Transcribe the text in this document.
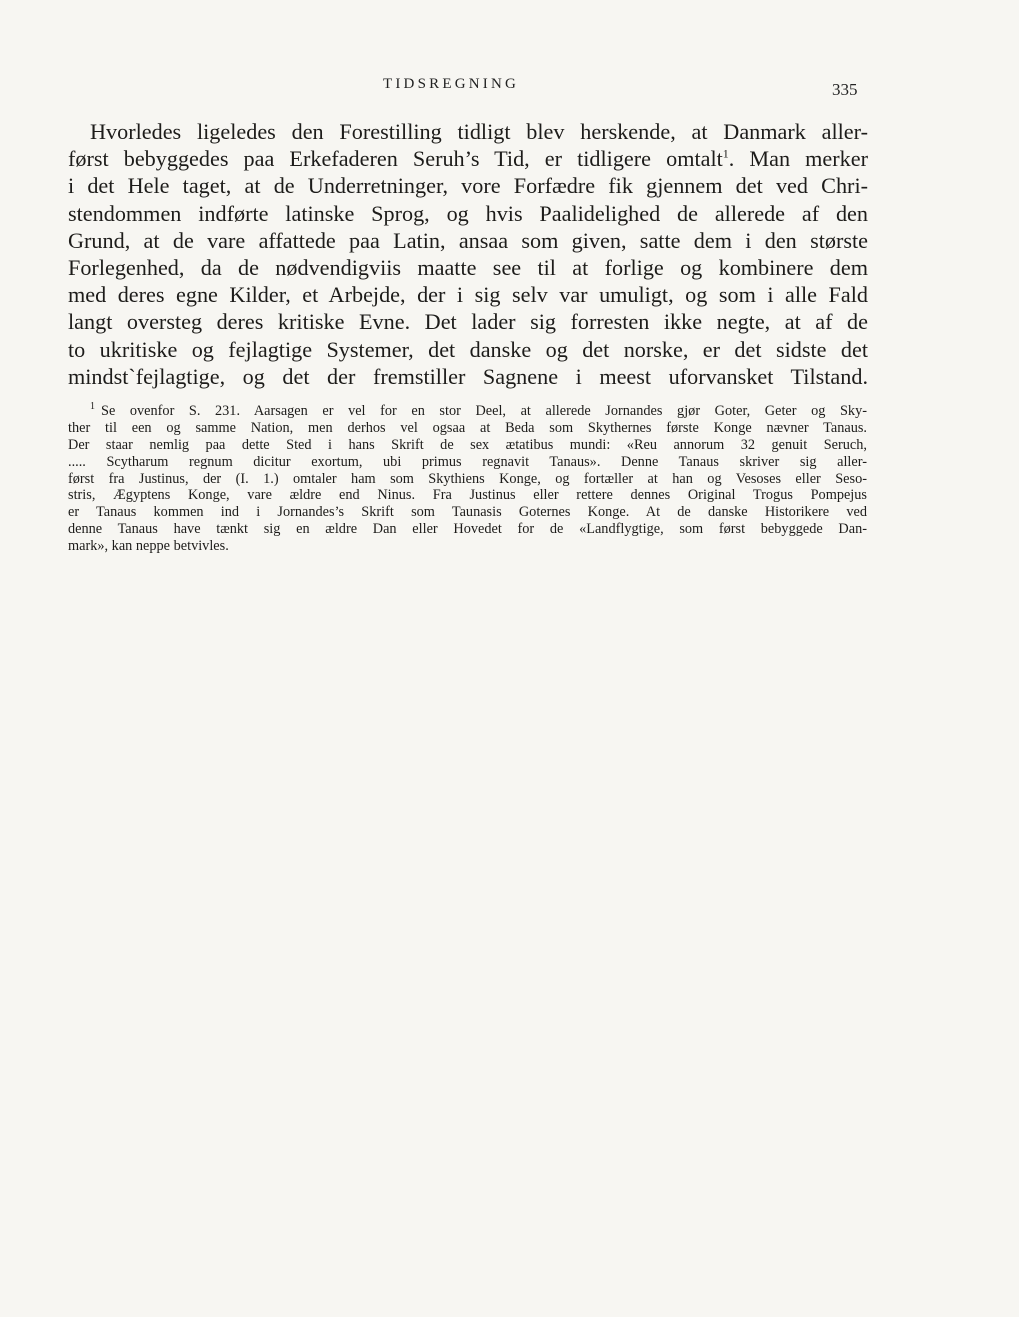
TIDSREGNING	335
Hvorledes ligeledes den Forestilling tidligt blev herskende, at Danmark aller-
først bebyggedes paa Erkefaderen Seruh’s Tid, er tidligere omtalt$^1$. Man merker
i det Hele taget, at de Underretninger, vore Forfædre fik gjennem det ved Chri-
stendommen indførte latinske Sprog, og hvis Paalidelighed de allerede af den
Grund, at de vare affattede paa Latin, ansaa som given, satte dem i den største
Forlegenhed, da de nødvendigviis maatte see til at forlige og kombinere dem
med deres egne Kilder, et Arbejde, der i sig selv var umuligt, og som i alle Fald
langt oversteg deres kritiske Evne. Det lader sig forresten ikke negte, at af de
to ukritiske og fejlagtige Systemer, det danske og det norske, er det sidste det
mindst`fejlagtige, og det der fremstiller Sagnene i meest uforvansket Tilstand.
$^1$ Se ovenfor S. 231. Aarsagen er vel for en stor Deel, at allerede Jornandes gjør Goter, Geter og Sky-
ther til een og samme Nation, men derhos vel ogsaa at Beda som Skythernes første Konge nævner Tanaus.
Der staar nemlig paa dette Sted i hans Skrift de sex ætatibus mundi: «Reu annorum 32 genuit Seruch,
..... Scytharum regnum dicitur exortum, ubi primus regnavit Tanaus». Denne Tanaus skriver sig aller-
først fra Justinus, der (I. 1.) omtaler ham som Skythiens Konge, og fortæller at han og Vesoses eller Seso-
stris, Ægyptens Konge, vare ældre end Ninus. Fra Justinus eller rettere dennes Original Trogus Pompejus
er Tanaus kommen ind i Jornandes’s Skrift som Taunasis Goternes Konge. At de danske Historikere ved
denne Tanaus have tænkt sig en ældre Dan eller Hovedet for de «Landflygtige, som først bebyggede Dan-
mark», kan neppe betvivles.
